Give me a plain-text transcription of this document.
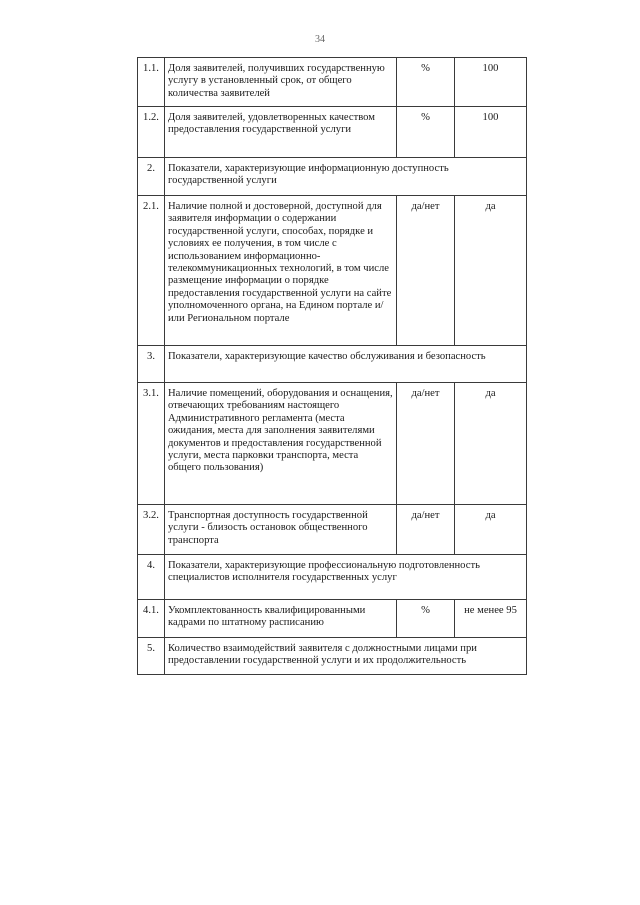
34
1.1.	Доля заявителей, получивших государственную услугу в установленный срок, от общего количества заявителей	%	100
1.2.	Доля заявителей, удовлетворенных качеством предоставления государственной услуги	%	100
2.	Показатели, характеризующие информационную доступность государственной услуги		
2.1.	Наличие полной и достоверной, доступной для заявителя информации о содержании государственной услуги, способах, порядке и условиях ее получения, в том числе с использованием информационно-телекоммуникационных технологий, в том числе размещение информации о порядке предоставления государственной услуги на сайте уполномоченного органа, на Едином портале и/или Региональном портале	да/нет	да
3.	Показатели, характеризующие качество обслуживания и безопасность		
3.1.	Наличие помещений, оборудования и оснащения, отвечающих требованиям настоящего Административного регламента (места ожидания, места для заполнения заявителями документов и предоставления государственной услуги, места парковки транспорта, места общего пользования)	да/нет	да
3.2.	Транспортная доступность государственной услуги - близость остановок общественного транспорта	да/нет	да
4.	Показатели, характеризующие профессиональную подготовленность специалистов исполнителя государственных услуг		
4.1.	Укомплектованность квалифицированными кадрами по штатному расписанию	%	не менее 95
5.	Количество взаимодействий заявителя с должностными лицами при предоставлении государственной услуги и их продолжительность		
